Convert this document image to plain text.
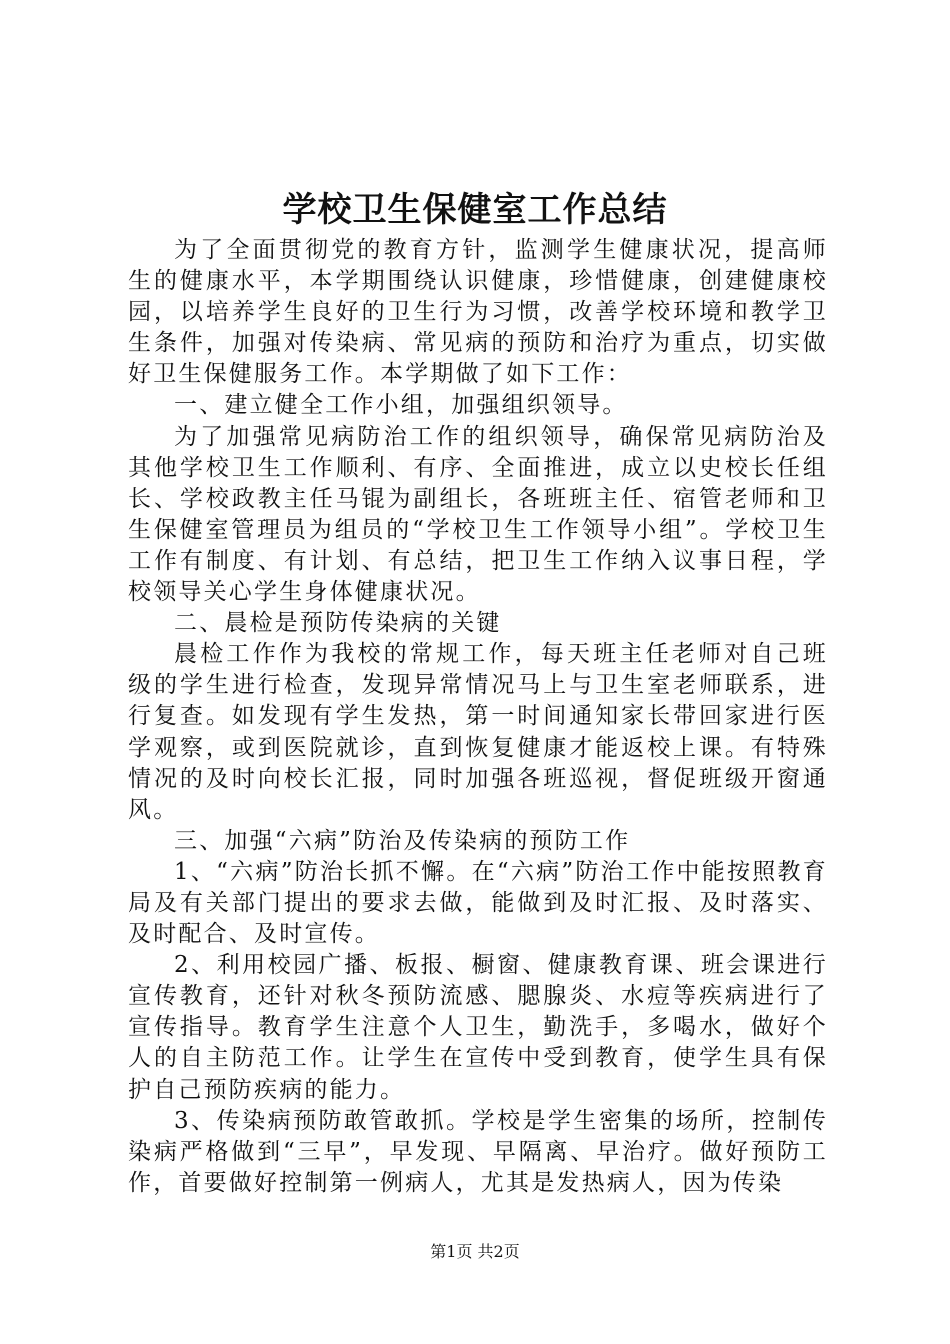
学校卫生保健室工作总结

为了全面贯彻党的教育方针，监测学生健康状况，提高师生的健康水平，本学期围绕认识健康，珍惜健康，创建健康校园，以培养学生良好的卫生行为习惯，改善学校环境和教学卫生条件，加强对传染病、常见病的预防和治疗为重点，切实做好卫生保健服务工作。本学期做了如下工作：

一、建立健全工作小组，加强组织领导。

为了加强常见病防治工作的组织领导，确保常见病防治及其他学校卫生工作顺利、有序、全面推进，成立以史校长任组长、学校政教主任马锟为副组长，各班班主任、宿管老师和卫生保健室管理员为组员的“学校卫生工作领导小组”。学校卫生工作有制度、有计划、有总结，把卫生工作纳入议事日程，学校领导关心学生身体健康状况。

二、晨检是预防传染病的关键

晨检工作作为我校的常规工作，每天班主任老师对自己班级的学生进行检查，发现异常情况马上与卫生室老师联系，进行复查。如发现有学生发热，第一时间通知家长带回家进行医学观察，或到医院就诊，直到恢复健康才能返校上课。有特殊情况的及时向校长汇报，同时加强各班巡视，督促班级开窗通风。

三、加强“六病”防治及传染病的预防工作

1、“六病”防治长抓不懈。在“六病”防治工作中能按照教育局及有关部门提出的要求去做，能做到及时汇报、及时落实、及时配合、及时宣传。

2、利用校园广播、板报、橱窗、健康教育课、班会课进行宣传教育，还针对秋冬预防流感、腮腺炎、水痘等疾病进行了宣传指导。教育学生注意个人卫生，勤洗手，多喝水，做好个人的自主防范工作。让学生在宣传中受到教育，使学生具有保护自己预防疾病的能力。

3、传染病预防敢管敢抓。学校是学生密集的场所，控制传染病严格做到“三早”，早发现、早隔离、早治疗。做好预防工作，首要做好控制第一例病人，尤其是发热病人，因为传染

第1页 共2页
